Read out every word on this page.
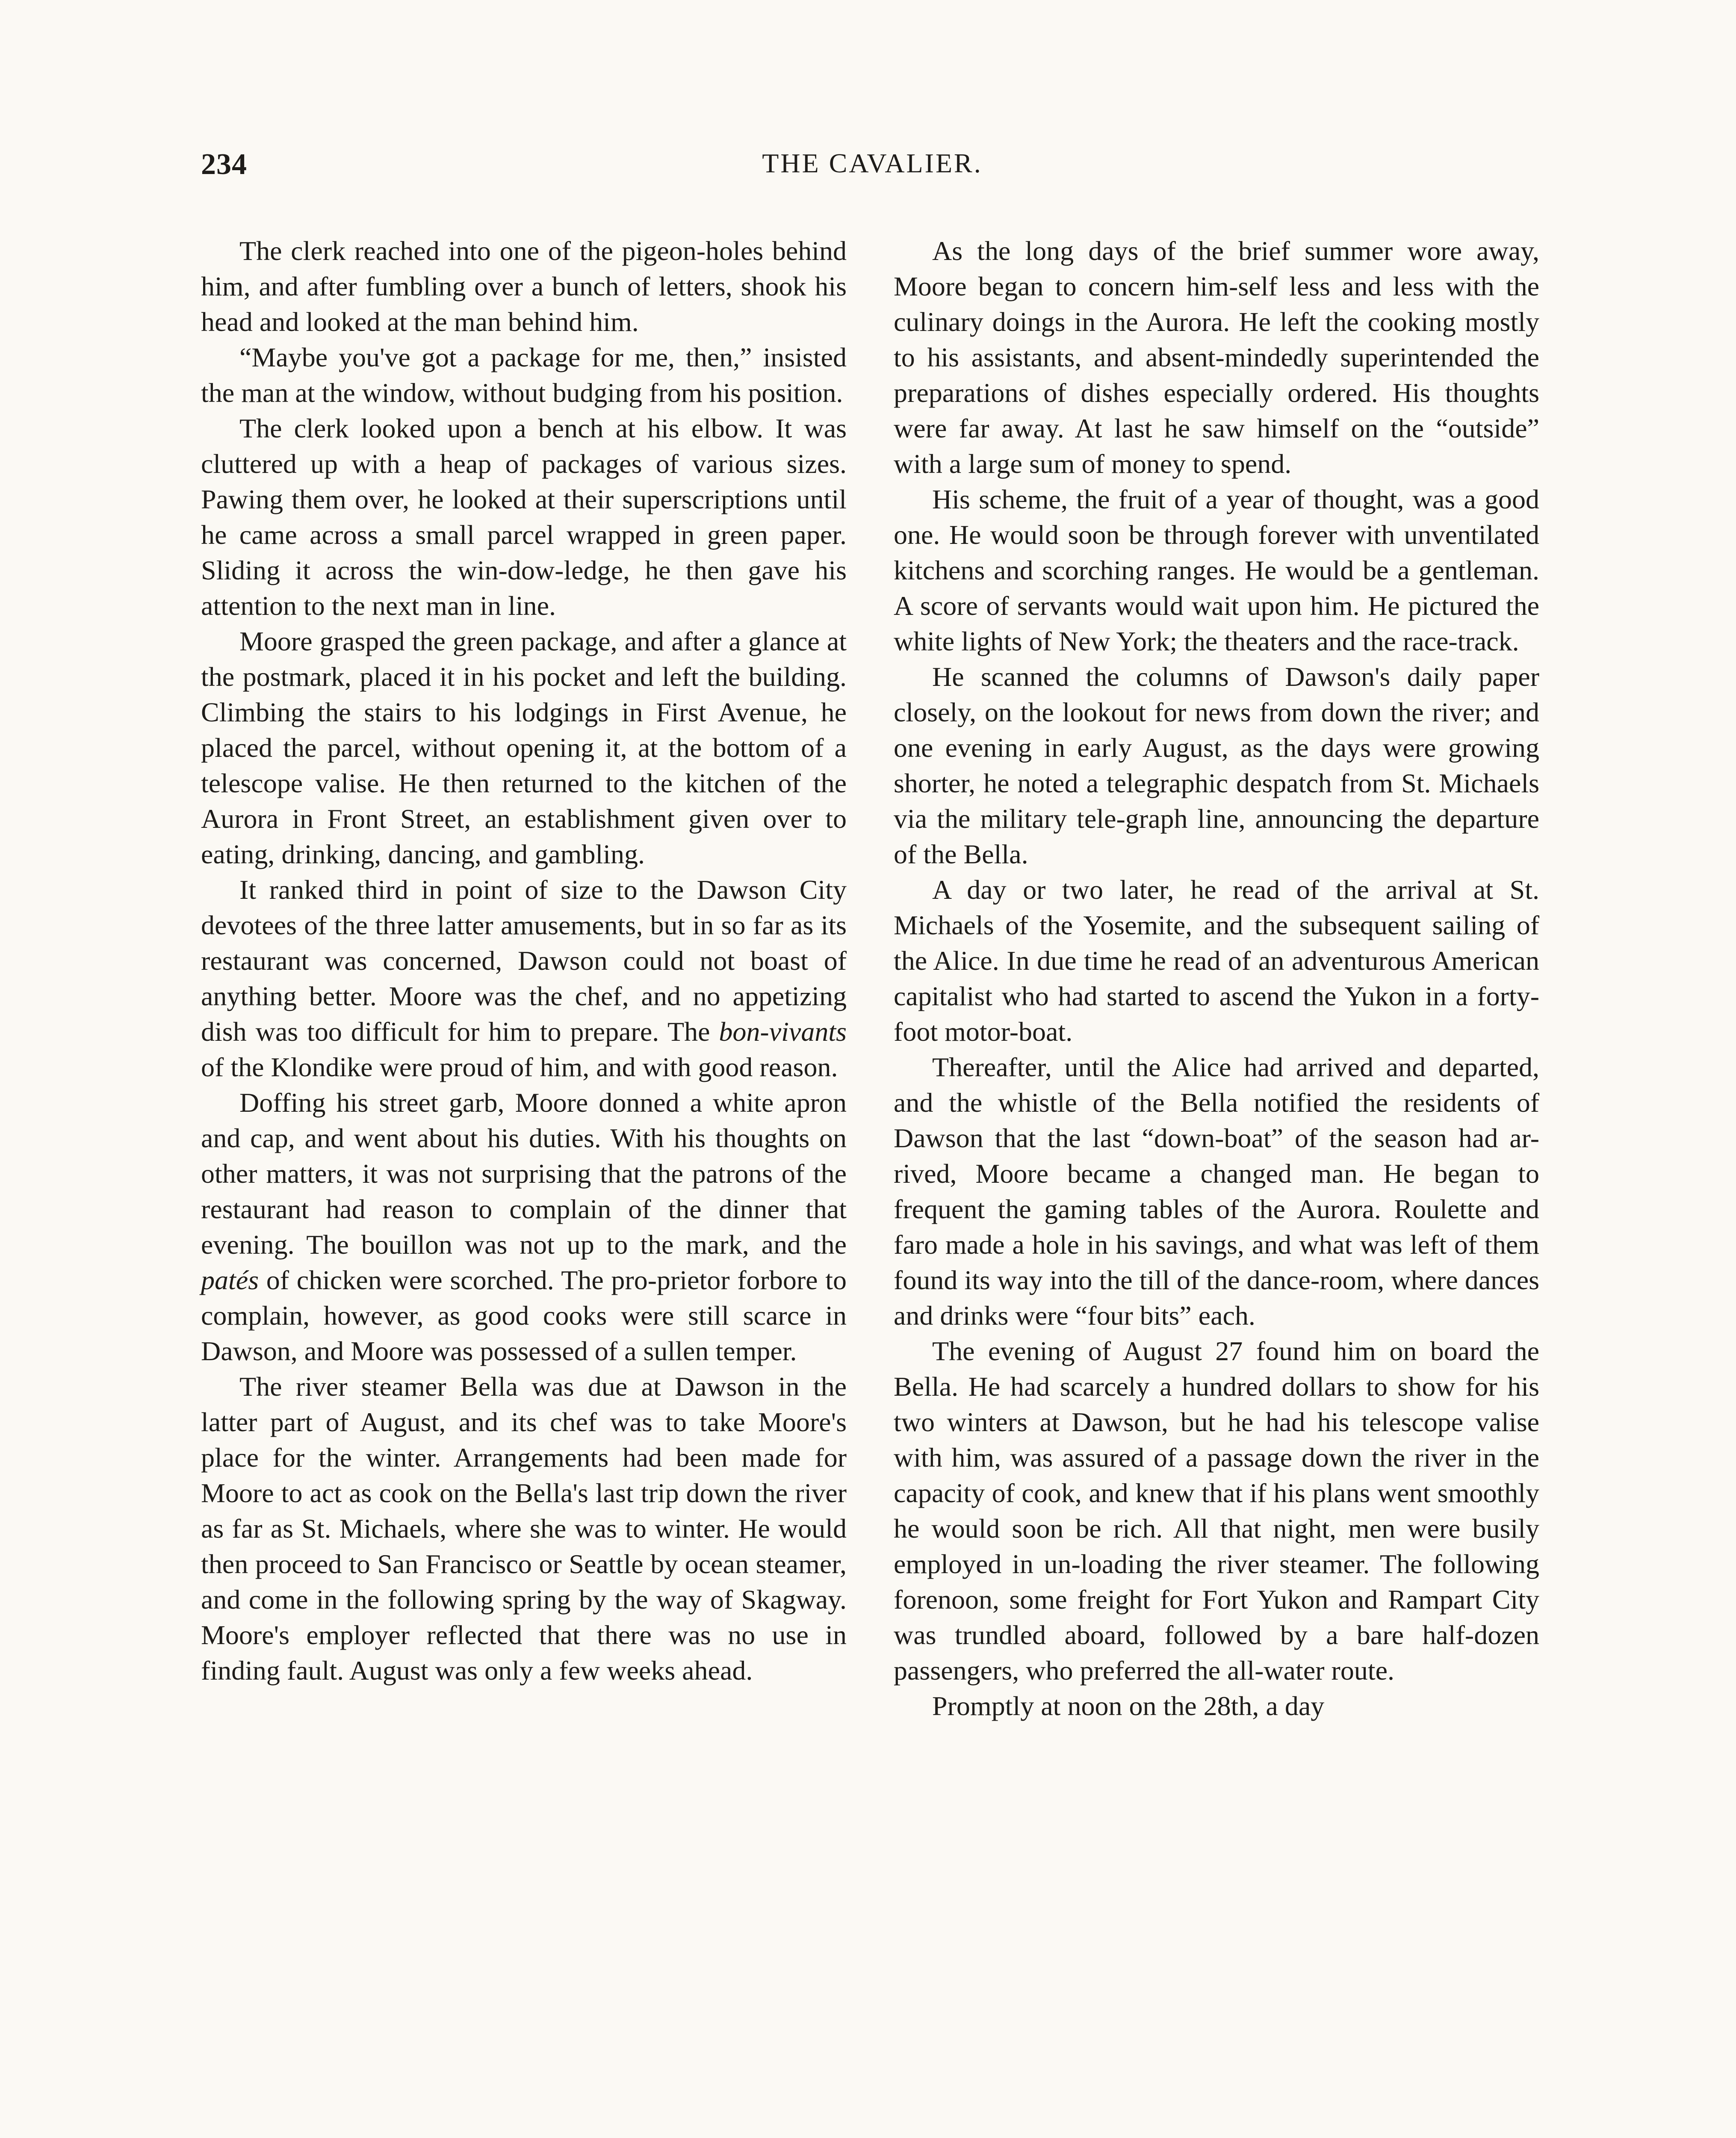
234	THE CAVALIER.

The clerk reached into one of the pigeon-holes behind him, and after fumbling over a bunch of letters, shook his head and looked at the man behind him.

“Maybe you've got a package for me, then,” insisted the man at the window, without budging from his position.

The clerk looked upon a bench at his elbow. It was cluttered up with a heap of packages of various sizes. Pawing them over, he looked at their superscriptions until he came across a small parcel wrapped in green paper. Sliding it across the win-dow-ledge, he then gave his attention to the next man in line.

Moore grasped the green package, and after a glance at the postmark, placed it in his pocket and left the building. Climbing the stairs to his lodgings in First Avenue, he placed the parcel, without opening it, at the bottom of a telescope valise. He then returned to the kitchen of the Aurora in Front Street, an establishment given over to eating, drinking, dancing, and gambling.

It ranked third in point of size to the Dawson City devotees of the three latter amusements, but in so far as its restaurant was concerned, Dawson could not boast of anything better. Moore was the chef, and no appetizing dish was too difficult for him to prepare. The bon-vivants of the Klondike were proud of him, and with good reason.

Doffing his street garb, Moore donned a white apron and cap, and went about his duties. With his thoughts on other matters, it was not surprising that the patrons of the restaurant had reason to complain of the dinner that evening. The bouillon was not up to the mark, and the patés of chicken were scorched. The pro-prietor forbore to complain, however, as good cooks were still scarce in Dawson, and Moore was possessed of a sullen temper.

The river steamer Bella was due at Dawson in the latter part of August, and its chef was to take Moore's place for the winter. Arrangements had been made for Moore to act as cook on the Bella's last trip down the river as far as St. Michaels, where she was to winter. He would then proceed to San Francisco or Seattle by ocean steamer, and come in the following spring by the way of Skagway. Moore's employer reflected that there was no use in finding fault. August was only a few weeks ahead.

As the long days of the brief summer wore away, Moore began to concern him-self less and less with the culinary doings in the Aurora. He left the cooking mostly to his assistants, and absent-mindedly superintended the preparations of dishes especially ordered. His thoughts were far away. At last he saw himself on the “outside” with a large sum of money to spend.

His scheme, the fruit of a year of thought, was a good one. He would soon be through forever with unventilated kitchens and scorching ranges. He would be a gentleman. A score of servants would wait upon him. He pictured the white lights of New York; the theaters and the race-track.

He scanned the columns of Dawson's daily paper closely, on the lookout for news from down the river; and one evening in early August, as the days were growing shorter, he noted a telegraphic despatch from St. Michaels via the military tele-graph line, announcing the departure of the Bella.

A day or two later, he read of the arrival at St. Michaels of the Yosemite, and the subsequent sailing of the Alice. In due time he read of an adventurous American capitalist who had started to ascend the Yukon in a forty-foot motor-boat.

Thereafter, until the Alice had arrived and departed, and the whistle of the Bella notified the residents of Dawson that the last “down-boat” of the season had ar-rived, Moore became a changed man. He began to frequent the gaming tables of the Aurora. Roulette and faro made a hole in his savings, and what was left of them found its way into the till of the dance-room, where dances and drinks were “four bits” each.

The evening of August 27 found him on board the Bella. He had scarcely a hundred dollars to show for his two winters at Dawson, but he had his telescope valise with him, was assured of a passage down the river in the capacity of cook, and knew that if his plans went smoothly he would soon be rich. All that night, men were busily employed in un-loading the river steamer. The following forenoon, some freight for Fort Yukon and Rampart City was trundled aboard, followed by a bare half-dozen passengers, who preferred the all-water route.

Promptly at noon on the 28th, a day
